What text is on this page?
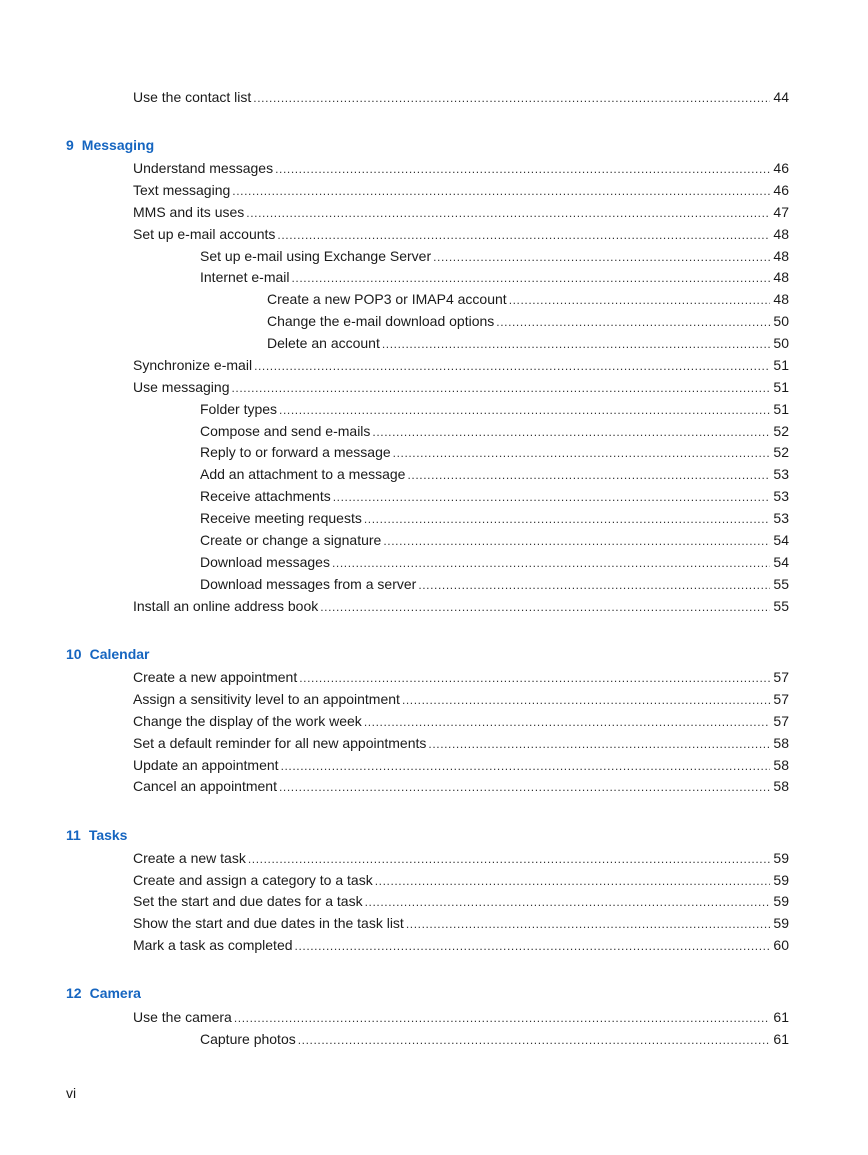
Use the contact list .....	44
9 Messaging
Understand messages .....	46
Text messaging .....	46
MMS and its uses .....	47
Set up e-mail accounts .....	48
Set up e-mail using Exchange Server .....	48
Internet e-mail .....	48
Create a new POP3 or IMAP4 account .....	48
Change the e-mail download options .....	50
Delete an account .....	50
Synchronize e-mail .....	51
Use messaging .....	51
Folder types .....	51
Compose and send e-mails .....	52
Reply to or forward a message .....	52
Add an attachment to a message .....	53
Receive attachments .....	53
Receive meeting requests .....	53
Create or change a signature .....	54
Download messages .....	54
Download messages from a server .....	55
Install an online address book .....	55
10 Calendar
Create a new appointment .....	57
Assign a sensitivity level to an appointment .....	57
Change the display of the work week .....	57
Set a default reminder for all new appointments .....	58
Update an appointment .....	58
Cancel an appointment .....	58
11 Tasks
Create a new task .....	59
Create and assign a category to a task .....	59
Set the start and due dates for a task .....	59
Show the start and due dates in the task list .....	59
Mark a task as completed .....	60
12 Camera
Use the camera .....	61
Capture photos .....	61
vi
